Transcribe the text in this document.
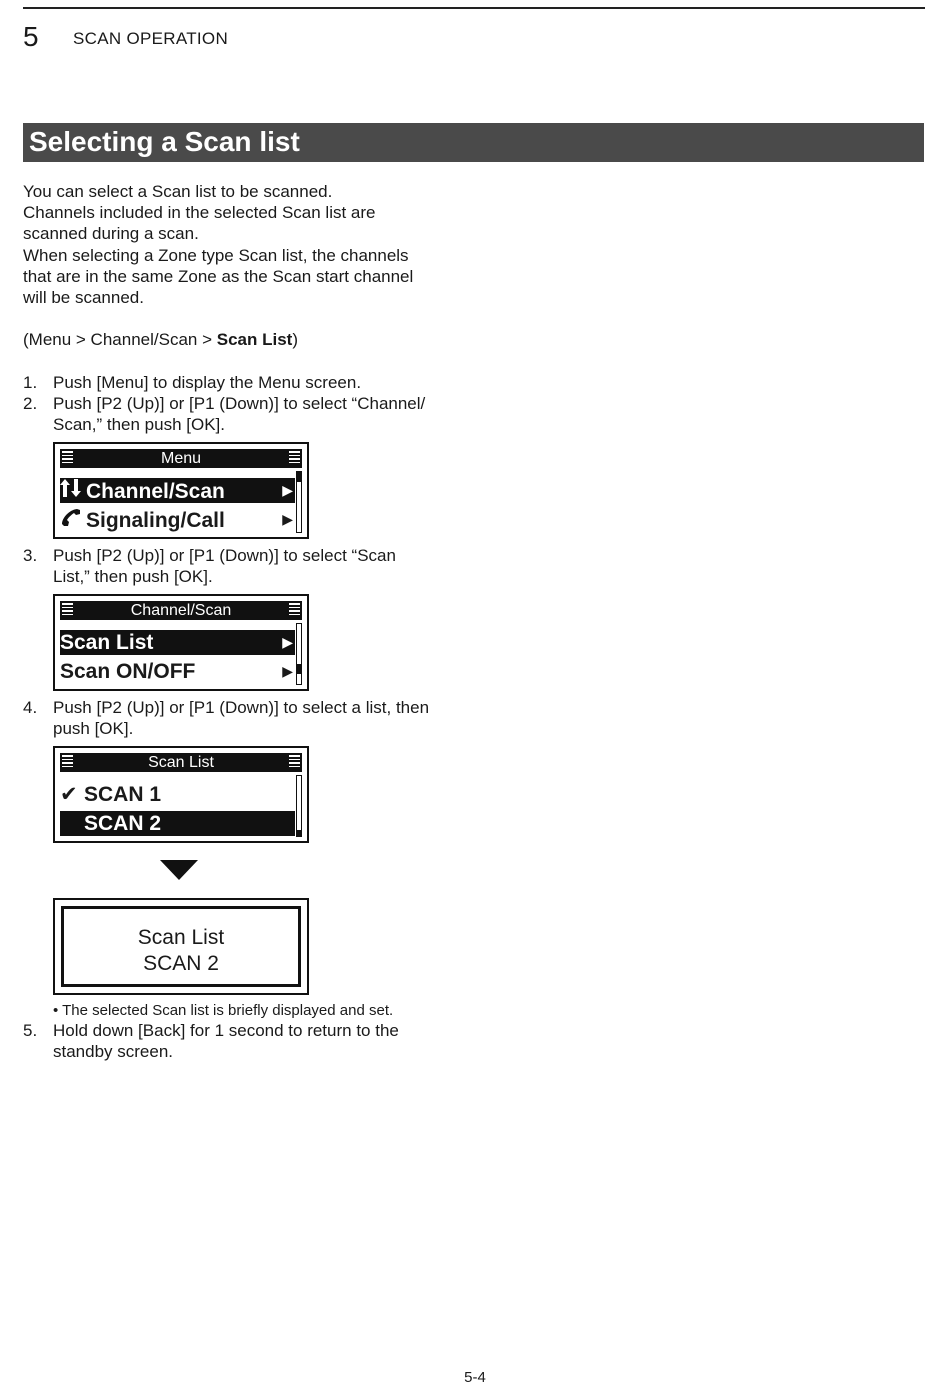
5 SCAN OPERATION
Selecting a Scan list

You can select a Scan list to be scanned.
Channels included in the selected Scan list are
scanned during a scan.
When selecting a Zone type Scan list, the channels
that are in the same Zone as the Scan start channel
will be scanned.

(Menu > Channel/Scan > Scan List)

1. Push [Menu] to display the Menu screen.
2. Push [P2 (Up)] or [P1 (Down)] to select “Channel/
Scan,” then push [OK].
Menu
Channel/Scan	▶
Signaling/Call	▶
3. Push [P2 (Up)] or [P1 (Down)] to select “Scan
List,” then push [OK].
Channel/Scan
Scan List	▶
Scan ON/OFF	▶
4. Push [P2 (Up)] or [P1 (Down)] to select a list, then
push [OK].
Scan List
✔ SCAN 1
SCAN 2
Scan List
SCAN 2
• The selected Scan list is briefly displayed and set.
5. Hold down [Back] for 1 second to return to the
standby screen.
5-4
